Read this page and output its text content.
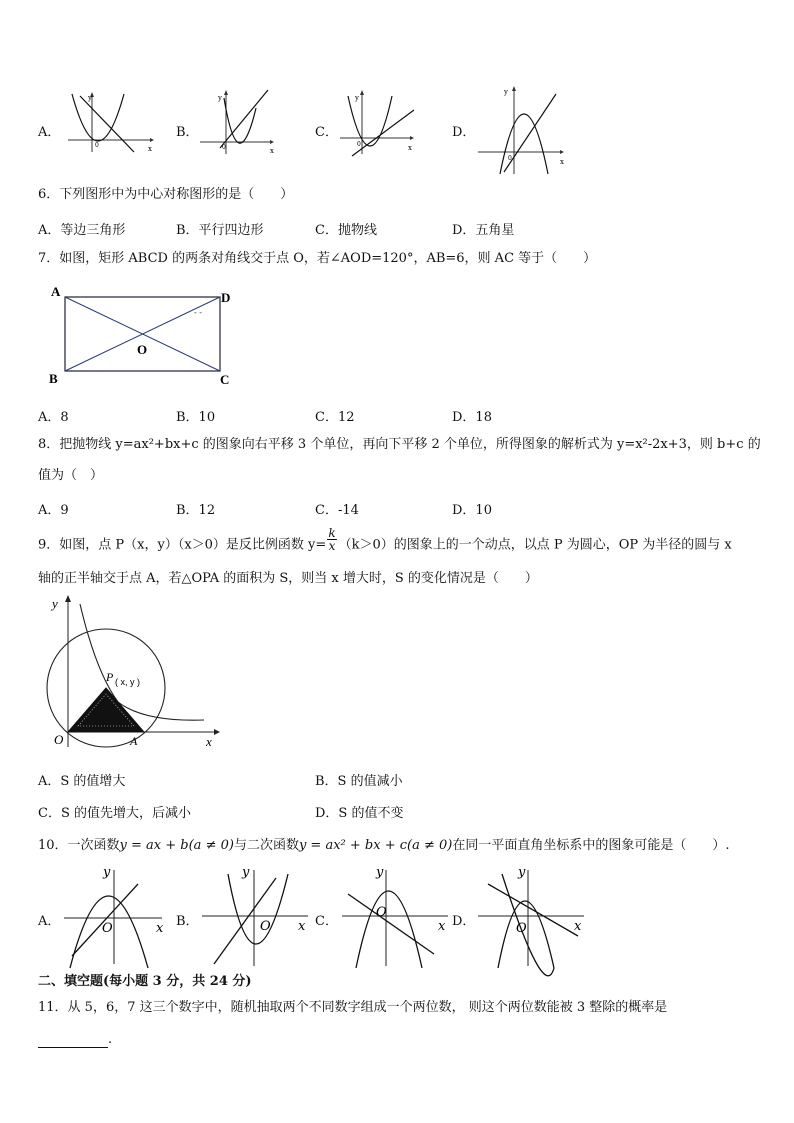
A．
y
x
0
B．
y
x
0
C．
y
x
0
D．
y
x
0
6．下列图形中为中心对称图形的是（　　）
A．等边三角形	B．平行四边形	C．抛物线	D．五角星
7．如图，矩形 ABCD 的两条对角线交于点 O，若∠AOD=120°，AB=6，则 AC 等于（　　）
- -
A	D
B	C
O
A．8	B．10	C．12	D．18
8．把抛物线 y=ax²+bx+c 的图象向右平移 3 个单位，再向下平移 2 个单位，所得图象的解析式为 y=x²-2x+3，则 b+c 的
值为（　）
A．9	B．12	C．-14	D．10
9．如图，点 P（x，y）（x＞0）是反比例函数 $y= \frac{k}{x} (k>0)$的图象上的一个动点，以点 P 为圆心，OP 为半径的圆与 x
轴的正半轴交于点 A，若△OPA 的面积为 S，则当 x 增大时，S 的变化情况是（　　）
y
x
O	A
P ( x, y )
A．S 的值增大	B．S 的值减小
C．S 的值先增大，后减小	D．S 的值不变
10．一次函数y = ax + b(a ≠ 0)与二次函数y = ax² + bx + c(a ≠ 0)在同一平面直角坐标系中的图象可能是（　　）.
A．
y
x
O	B．
y
x
O	C．
y
x
O
D．
y
x
O
二、填空题(每小题 3 分，共 24 分)
11．从 5，6，7 这三个数字中，随机抽取两个不同数字组成一个两位数， 则这个两位数能被 3 整除的概率是
.
